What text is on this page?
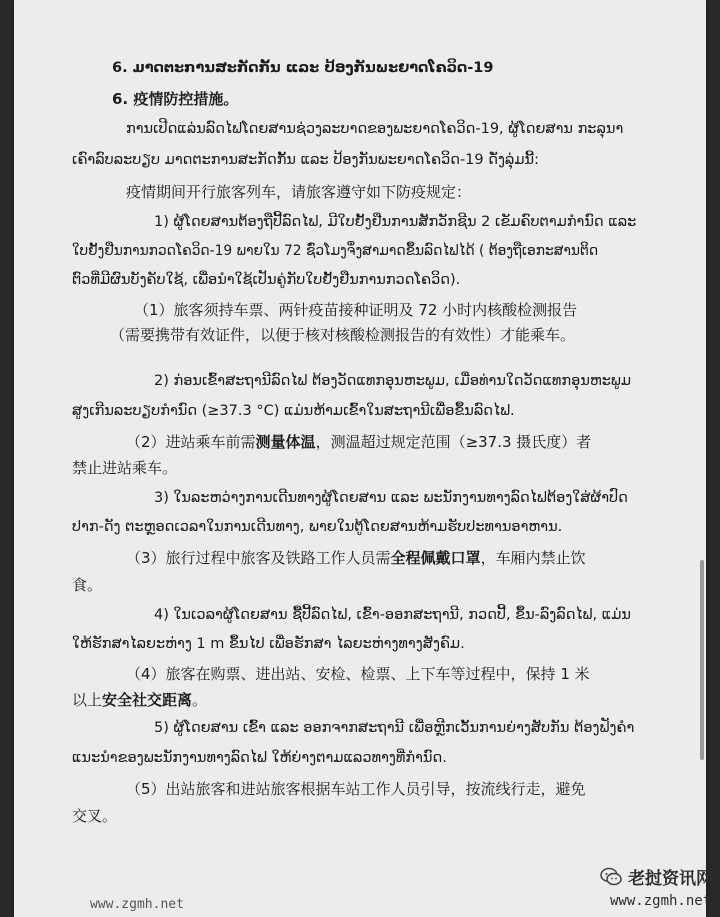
6. ມາດຕະການສະກັດກັ້ນ ແລະ ປ້ອງກັນພະຍາດໂຄວິດ-19
6. 疫情防控措施。
ການເປີດແລ່ນລົດໄຟໂດຍສານຊ່ວງລະບາດຂອງພະຍາດໂຄວິດ-19, ຜູ້ໂດຍສານ ກະລຸນາ
ເຄົາລົບລະບຽບ ມາດຕະການສະກັດກັ້ນ ແລະ ປ້ອງກັນພະຍາດໂຄວິດ-19 ດັ່ງລຸ່ມນີ້:
疫情期间开行旅客列车，请旅客遵守如下防疫规定：
1) ຜູ້ໂດຍສານຕ້ອງຖືປີ້ລົດໄຟ, ມີໃບຢັ້ງຢືນການສັກວັກຊີນ 2 ເຂັມຄົບຕາມກຳນົດ ແລະ
ໃບຢັ້ງຢືນການກວດໂຄວິດ-19 ພາຍໃນ 72 ຊົ່ວໂມງຈຶ່ງສາມາດຂຶ້ນລົດໄຟໄດ້ ( ຕ້ອງຖືເອກະສານຕິດ
ຕົວທີ່ມີຜົນບັງຄັບໃຊ້, ເພື່ອນຳໃຊ້ເປັນຄູ່ກັບໃບຢັ້ງຢືນການກວດໂຄວິດ).
（1）旅客须持车票、两针疫苗接种证明及 72 小时内核酸检测报告
（需要携带有效证件，以便于核对核酸检测报告的有效性）才能乘车。
2) ກ່ອນເຂົ້າສະຖານີລົດໄຟ ຕ້ອງວັດແທກອຸນຫະພູມ, ເມື່ອທ່ານໃດວັດແທກອຸນຫະພູມ
ສູງເກີນລະບຽບກຳນົດ (≥37.3 °C) ແມ່ນຫ້າມເຂົ້າໃນສະຖານີເພື່ອຂຶ້ນລົດໄຟ.
（2）进站乘车前需测量体温，测温超过规定范围（≥37.3 摄氏度）者
禁止进站乘车。
3) ໃນລະຫວ່າງການເດີນທາງຜູ້ໂດຍສານ ແລະ ພະນັກງານທາງລົດໄຟຕ້ອງໃສ່ຜ້າປົດ
ປາກ-ດັງ ຕະຫຼອດເວລາໃນການເດີນທາງ, ພາຍໃນຕູ້ໂດຍສານຫ້າມຮັບປະທານອາຫານ.
（3）旅行过程中旅客及铁路工作人员需全程佩戴口罩，车厢内禁止饮
食。
4) ໃນເວລາຜູ້ໂດຍສານ ຊື້ປີ້ລົດໄຟ, ເຂົ້າ-ອອກສະຖານີ, ກວດປີ້, ຂຶ້ນ-ລົງລົດໄຟ, ແມ່ນ
ໃຫ້ຮັກສາໄລຍະຫ່າງ 1 m ຂຶ້ນໄປ ເພື່ອຮັກສາ ໄລຍະຫ່າງທາງສັງຄົມ.
（4）旅客在购票、进出站、安检、检票、上下车等过程中，保持 1 米
以上安全社交距离。
5) ຜູ້ໂດຍສານ ເຂົ້າ ແລະ ອອກຈາກສະຖານີ ເພື່ອຫຼີກເວັ້ນການຍ່າງສັບກັນ ຕ້ອງຟັງຄຳ
ແນະນຳຂອງພະນັກງານທາງລົດໄຟ ໃຫ້ຍ່າງຕາມແລວທາງທີ່ກຳນົດ.
（5）出站旅客和进站旅客根据车站工作人员引导，按流线行走，避免
交叉。
www.zgmh.net
老挝资讯网
www.zgmh.net
